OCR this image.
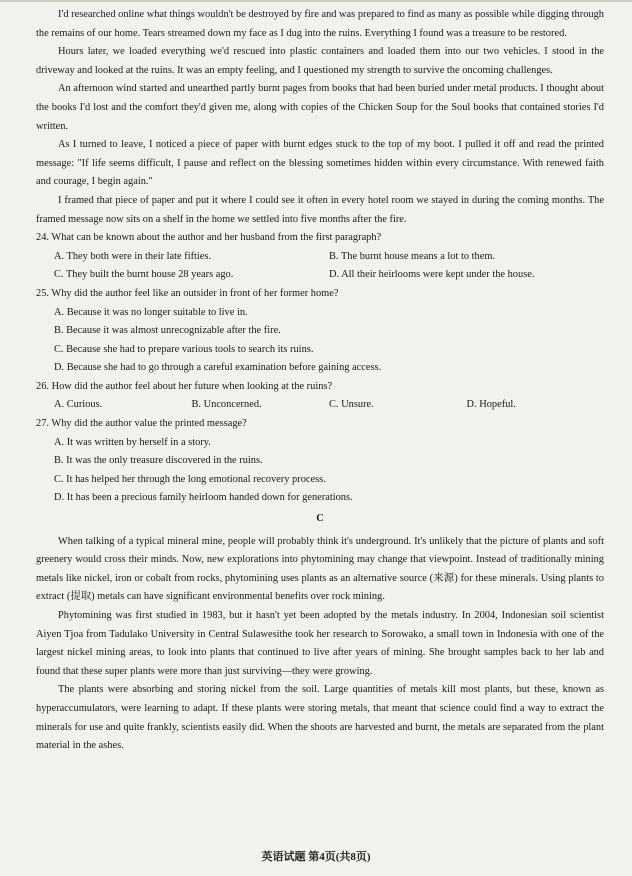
I'd researched online what things wouldn't be destroyed by fire and was prepared to find as many as possible while digging through the remains of our home. Tears streamed down my face as I dug into the ruins. Everything I found was a treasure to be restored.

Hours later, we loaded everything we'd rescued into plastic containers and loaded them into our two vehicles. I stood in the driveway and looked at the ruins. It was an empty feeling, and I questioned my strength to survive the oncoming challenges.

An afternoon wind started and unearthed partly burnt pages from books that had been buried under metal products. I thought about the books I'd lost and the comfort they'd given me, along with copies of the Chicken Soup for the Soul books that contained stories I'd written.

As I turned to leave, I noticed a piece of paper with burnt edges stuck to the top of my boot. I pulled it off and read the printed message: "If life seems difficult, I pause and reflect on the blessing sometimes hidden within every circumstance. With renewed faith and courage, I begin again."

I framed that piece of paper and put it where I could see it often in every hotel room we stayed in during the coming months. The framed message now sits on a shelf in the home we settled into five months after the fire.

24. What can be known about the author and her husband from the first paragraph?

A. They both were in their late fifties.	B. The burnt house means a lot to them.
C. They built the burnt house 28 years ago.	D. All their heirlooms were kept under the house.

25. Why did the author feel like an outsider in front of her former home?

A. Because it was no longer suitable to live in.

B. Because it was almost unrecognizable after the fire.

C. Because she had to prepare various tools to search its ruins.

D. Because she had to go through a careful examination before gaining access.

26. How did the author feel about her future when looking at the ruins?

A. Curious.	B. Unconcerned.	C. Unsure.	D. Hopeful.

27. Why did the author value the printed message?

A. It was written by herself in a story.

B. It was the only treasure discovered in the ruins.

C. It has helped her through the long emotional recovery process.

D. It has been a precious family heirloom handed down for generations.

C

When talking of a typical mineral mine, people will probably think it's underground. It's unlikely that the picture of plants and soft greenery would cross their minds. Now, new explorations into phytomining may change that viewpoint. Instead of traditionally mining metals like nickel, iron or cobalt from rocks, phytomining uses plants as an alternative source (来源) for these minerals. Using plants to extract (提取) metals can have significant environmental benefits over rock mining.

Phytomining was first studied in 1983, but it hasn't yet been adopted by the metals industry. In 2004, Indonesian soil scientist Aiyen Tjoa from Tadulako University in Central Sulawesithe took her research to Sorowako, a small town in Indonesia with one of the largest nickel mining areas, to look into plants that continued to live after years of mining. She brought samples back to her lab and found that these super plants were more than just surviving—they were growing.

The plants were absorbing and storing nickel from the soil. Large quantities of metals kill most plants, but these, known as hyperaccumulators, were learning to adapt. If these plants were storing metals, that meant that science could find a way to extract the minerals for use and quite frankly, scientists easily did. When the shoots are harvested and burnt, the metals are separated from the plant material in the ashes.

英语试题 第4页(共8页)
